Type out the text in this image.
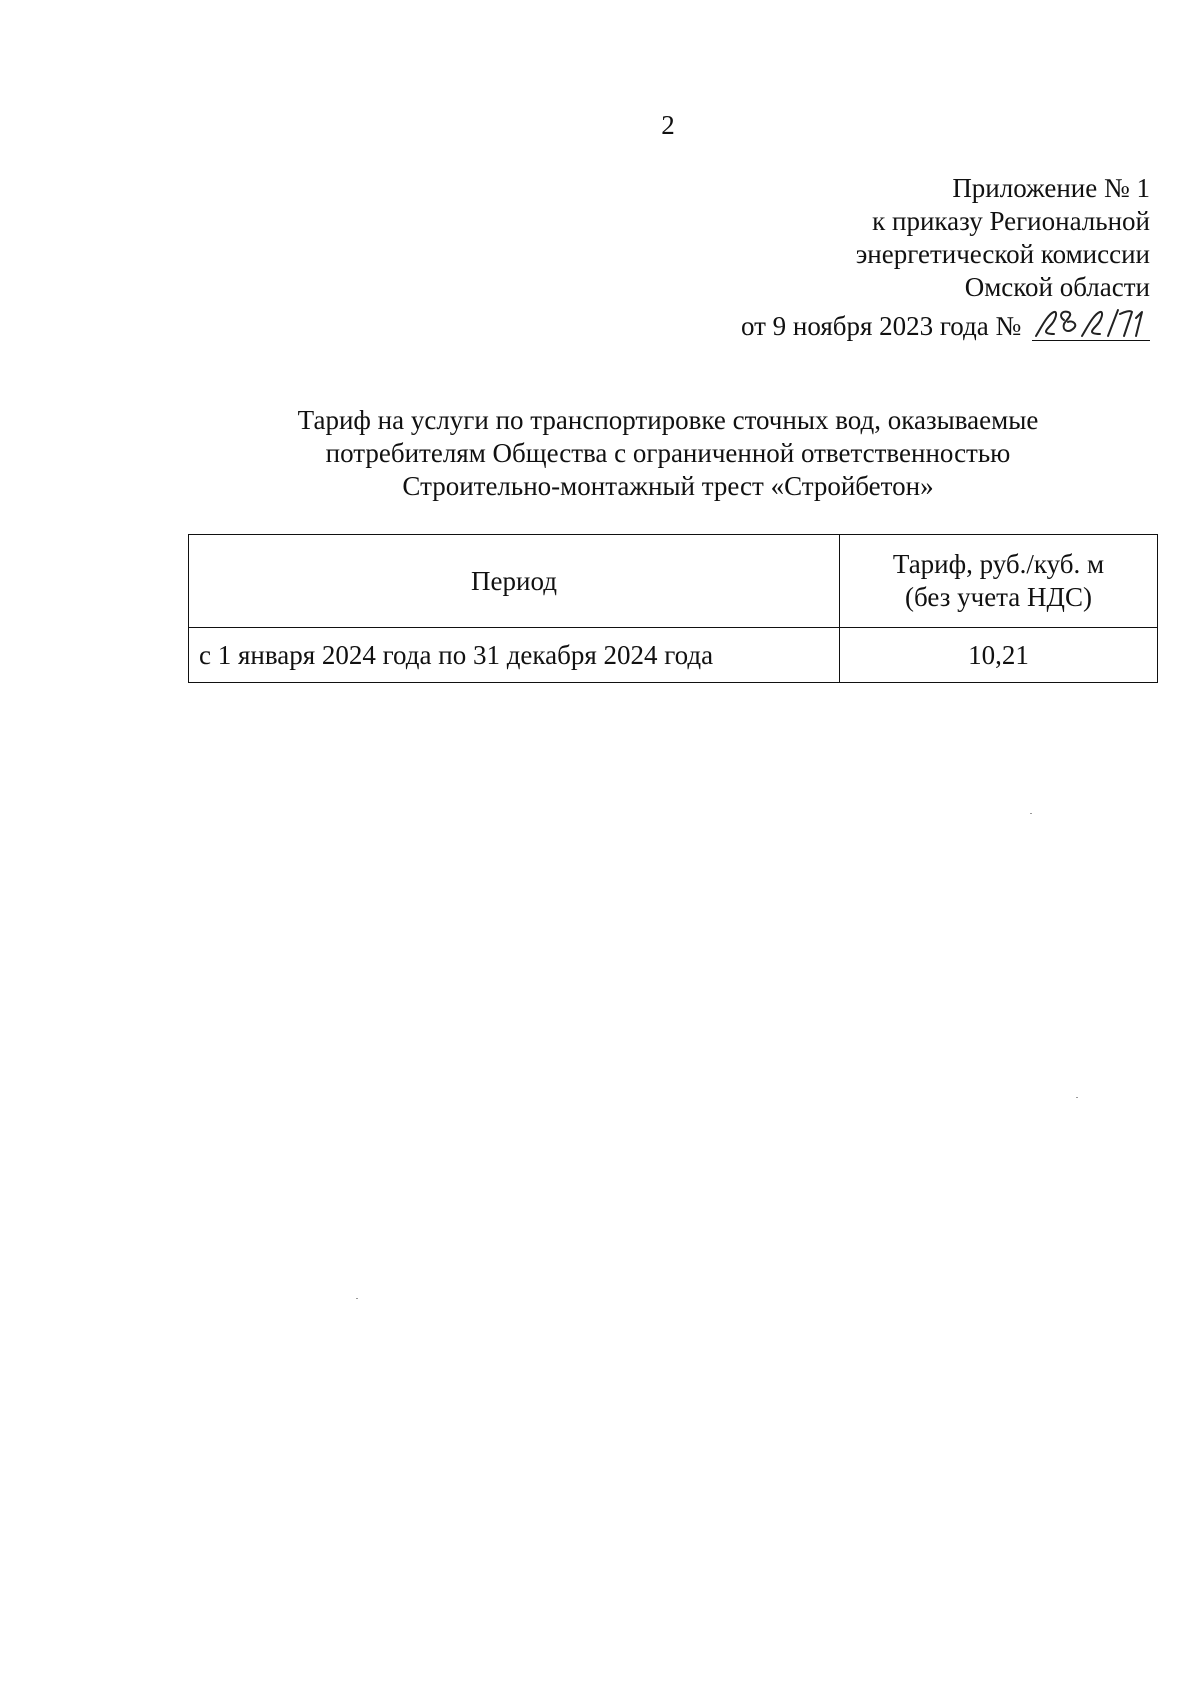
2
Приложение № 1
к приказу Региональной
энергетической комиссии
Омской области
от 9 ноября 2023 года №
Тариф на услуги по транспортировке сточных вод, оказываемые
потребителям Общества с ограниченной ответственностью
Строительно-монтажный трест «Стройбетон»
Период	Тариф, руб./куб. м
(без учета НДС)

с 1 января 2024 года по 31 декабря 2024 года	10,21
